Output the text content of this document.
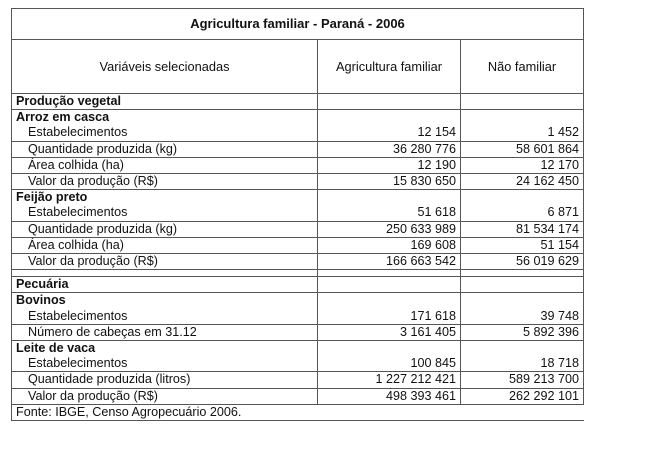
Agricultura familiar - Paraná - 2006		
Variáveis selecionadas	Agricultura familiar	Não familiar
Produção vegetal		
Arroz em casca		
Estabelecimentos	12 154	1 452
Quantidade produzida (kg)	36 280 776	58 601 864
Área colhida (ha)	12 190	12 170
Valor da produção (R$)	15 830 650	24 162 450
Feijão preto		
Estabelecimentos	51 618	6 871
Quantidade produzida (kg)	250 633 989	81 534 174
Área colhida (ha)	169 608	51 154
Valor da produção (R$)	166 663 542	56 019 629

Pecuária		
Bovinos		
Estabelecimentos	171 618	39 748
Número de cabeças em 31.12	3 161 405	5 892 396
Leite de vaca		
Estabelecimentos	100 845	18 718
Quantidade produzida (litros)	1 227 212 421	589 213 700
Valor da produção (R$)	498 393 461	262 292 101
Fonte: IBGE, Censo Agropecuário 2006.		
